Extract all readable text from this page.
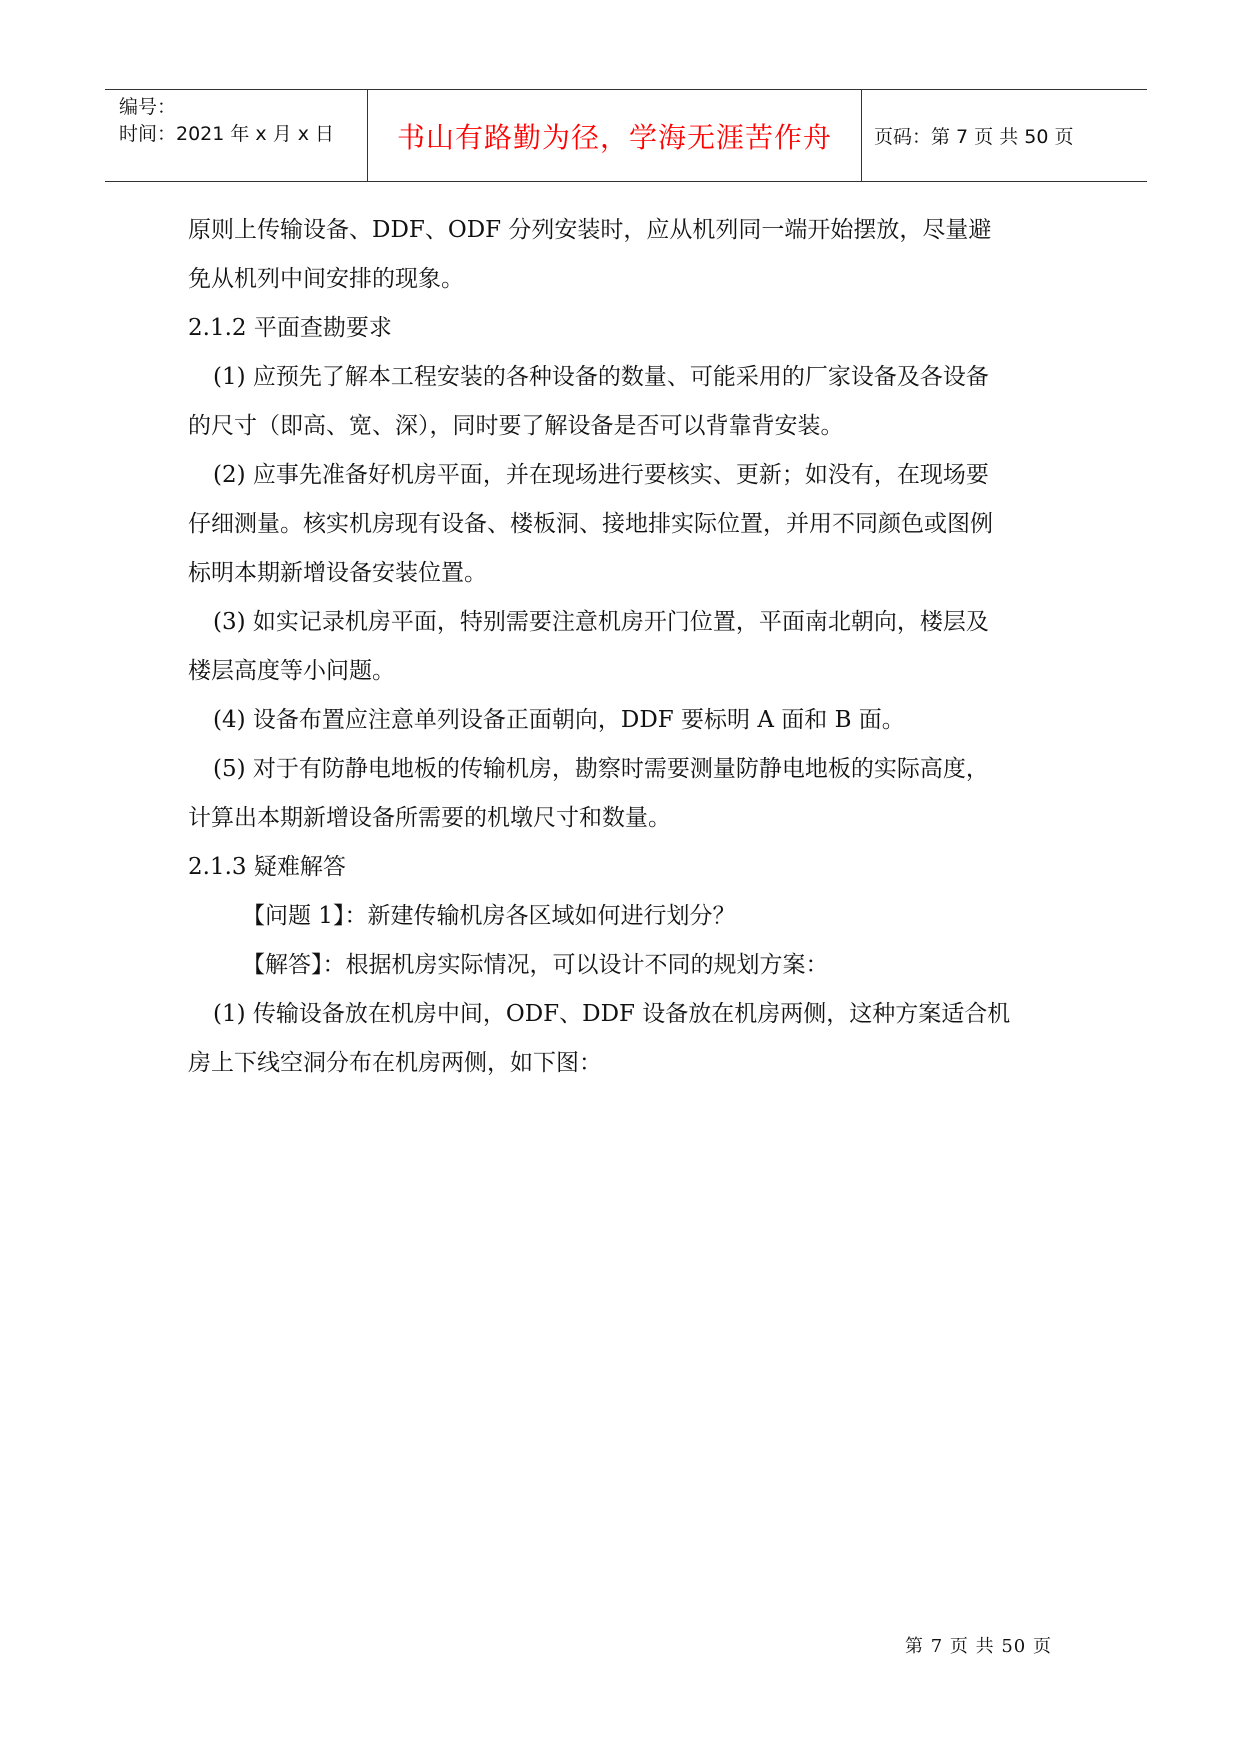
编号：
时间：2021 年 x 月 x 日	书山有路勤为径，学海无涯苦作舟 页码：第 7 页 共 50 页
原则上传输设备、DDF、ODF 分列安装时，应从机列同一端开始摆放，尽量避
免从机列中间安排的现象。
2.1.2 平面查勘要求
(1) 应预先了解本工程安装的各种设备的数量、可能采用的厂家设备及各设备
的尺寸（即高、宽、深），同时要了解设备是否可以背靠背安装。
(2) 应事先准备好机房平面，并在现场进行要核实、更新；如没有，在现场要
仔细测量。核实机房现有设备、楼板洞、接地排实际位置，并用不同颜色或图例
标明本期新增设备安装位置。
(3) 如实记录机房平面，特别需要注意机房开门位置，平面南北朝向，楼层及
楼层高度等小问题。
(4) 设备布置应注意单列设备正面朝向，DDF 要标明 A 面和 B 面。
(5) 对于有防静电地板的传输机房，勘察时需要测量防静电地板的实际高度，
计算出本期新增设备所需要的机墩尺寸和数量。
2.1.3 疑难解答
【问题 1】：新建传输机房各区域如何进行划分？
【解答】：根据机房实际情况，可以设计不同的规划方案：
(1) 传输设备放在机房中间，ODF、DDF 设备放在机房两侧，这种方案适合机
房上下线空洞分布在机房两侧，如下图：
第 7 页 共 50 页
